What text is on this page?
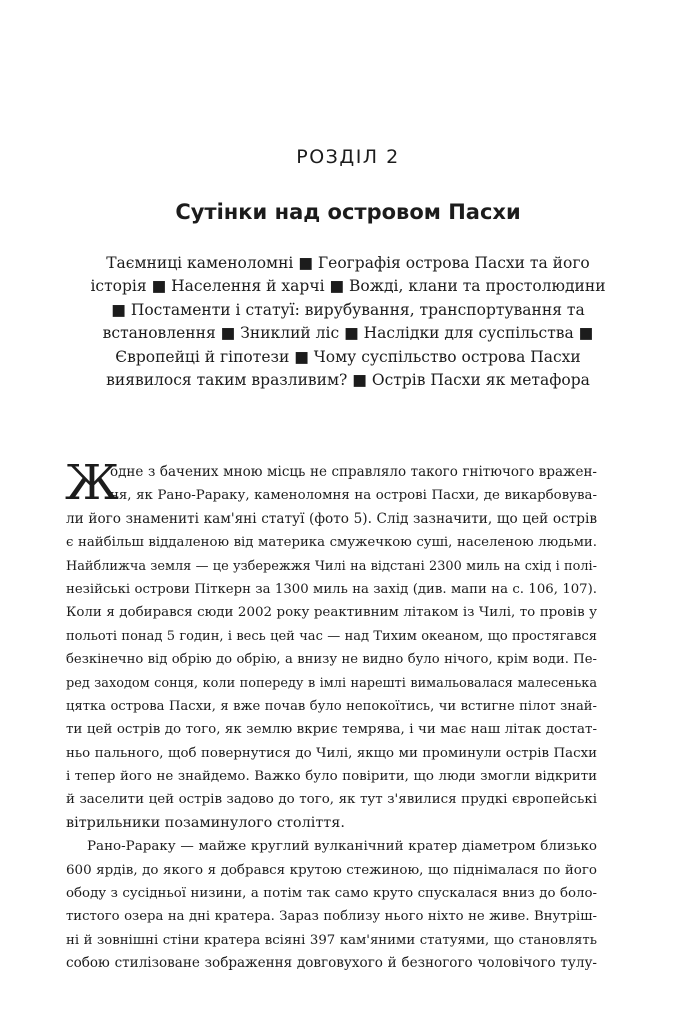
РОЗДІЛ 2
Сутінки над островом Пасхи
Таємниці каменоломні ■ Географія острова Пасхи та його
історія ■ Населення й харчі ■ Вожді, клани та простолюдини
■ Постаменти і статуї: вирубування, транспортування та
встановлення ■ Зниклий ліс ■ Наслідки для суспільства ■
Європейці й гіпотези ■ Чому суспільство острова Пасхи
виявилося таким вразливим? ■ Острів Пасхи як метафора
Ж
одне з бачених мною місць не справляло такого гнітючого вражен-
ня, як Рано-Рараку, каменоломня на острові Пасхи, де викарбовува-
ли його знамениті кам'яні статуї (фото 5). Слід зазначити, що цей острів
є найбільш віддаленою від материка смужечкою суші, населеною людьми.
Найближча земля — це узбережжя Чилі на відстані 2300 миль на схід і полі-
незійські острови Піткерн за 1300 миль на захід (див. мапи на с. 106, 107).
Коли я добирався сюди 2002 року реактивним літаком із Чилі, то провів у
польоті понад 5 годин, і весь цей час — над Тихим океаном, що простягався
безкінечно від обрію до обрію, а внизу не видно було нічого, крім води. Пе-
ред заходом сонця, коли попереду в імлі нарешті вимальовалася малесенька
цятка острова Пасхи, я вже почав було непокоїтись, чи встигне пілот знай-
ти цей острів до того, як землю вкриє темрява, і чи має наш літак достат-
ньо пального, щоб повернутися до Чилі, якщо ми проминули острів Пасхи
і тепер його не знайдемо. Важко було повірити, що люди змогли відкрити
й заселити цей острів задово до того, як тут з'явилися прудкі європейські
вітрильники позаминулого століття.
Рано-Рараку — майже круглий вулканічний кратер діаметром близько
600 ярдів, до якого я добрався крутою стежиною, що піднімалася по його
ободу з сусідньої низини, а потім так само круто спускалася вниз до боло-
тистого озера на дні кратера. Зараз поблизу нього ніхто не живе. Внутріш-
ні й зовнішні стіни кратера всіяні 397 кам'яними статуями, що становлять
собою стилізоване зображення довговухого й безногого чоловічого тулу-
